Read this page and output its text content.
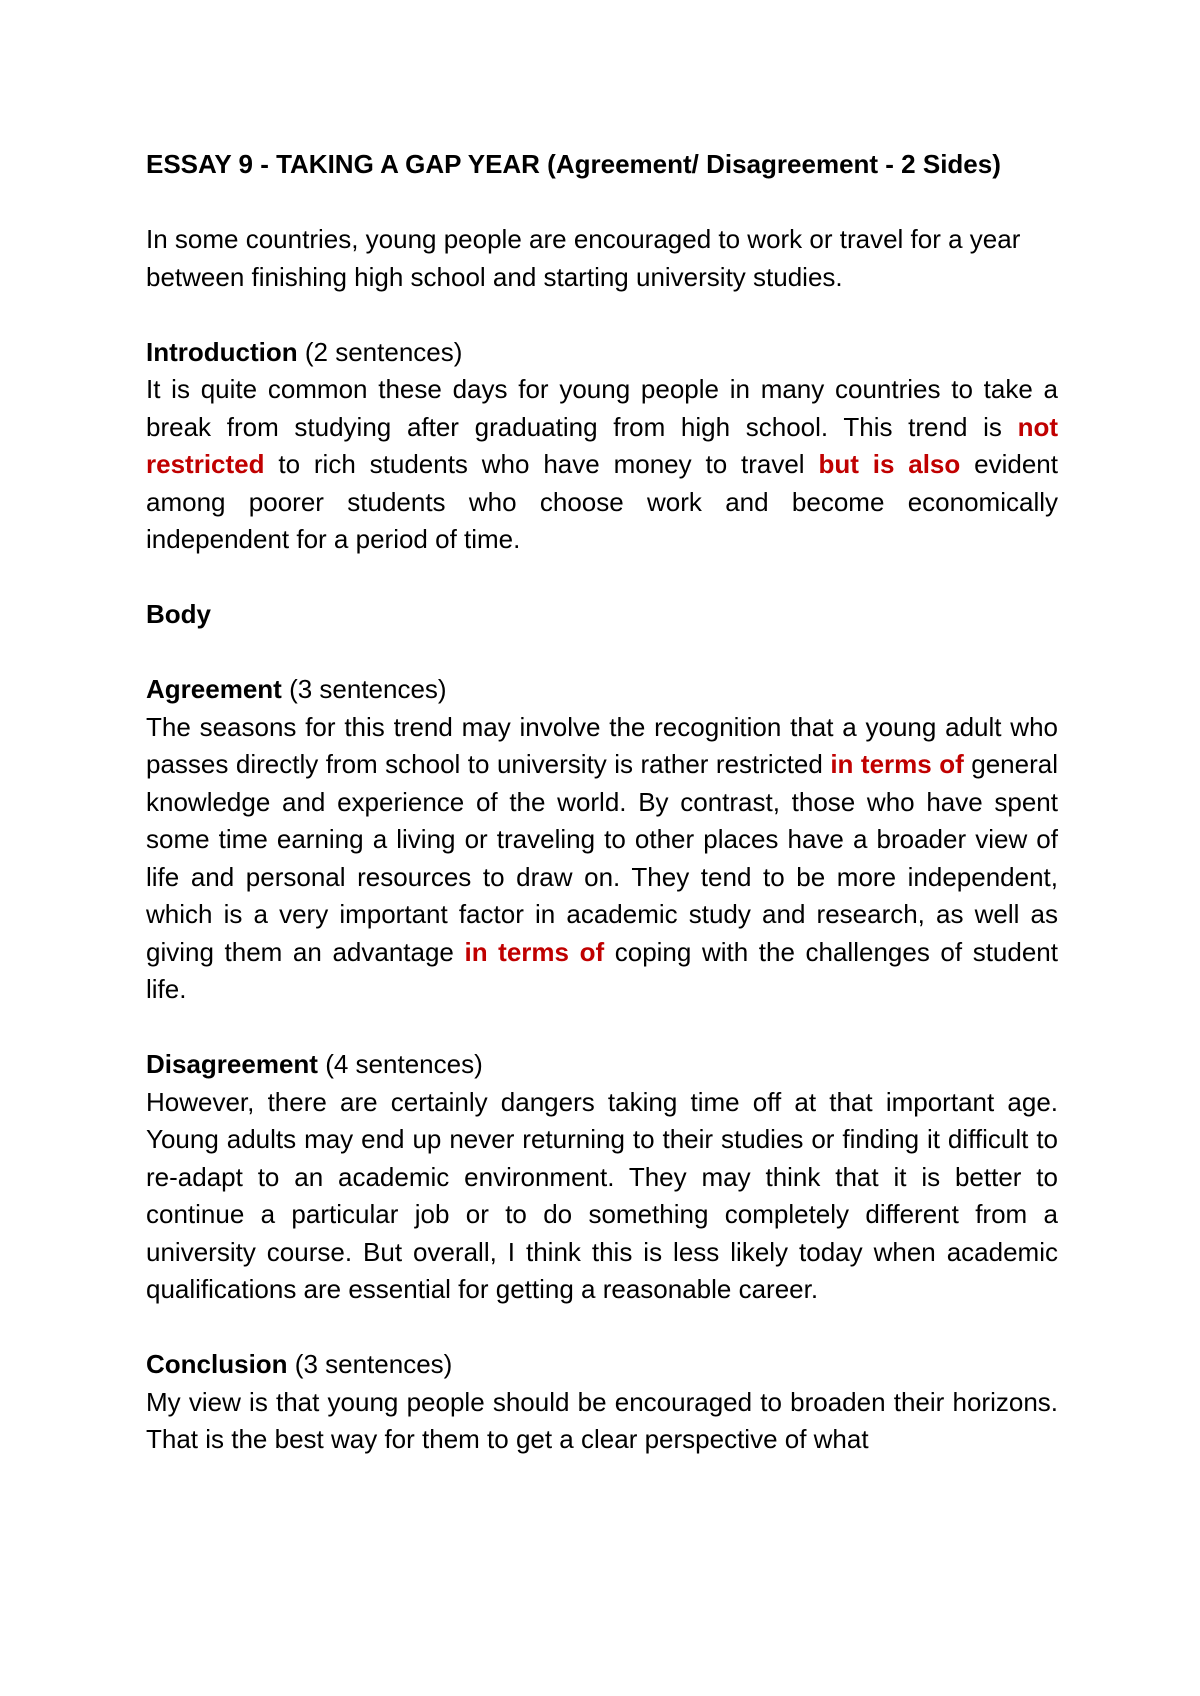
ESSAY 9 - TAKING A GAP YEAR (Agreement/ Disagreement - 2 Sides)

In some countries, young people are encouraged to work or travel for a year between finishing high school and starting university studies.

Introduction (2 sentences)

It is quite common these days for young people in many countries to take a break from studying after graduating from high school. This trend is not restricted to rich students who have money to travel but is also evident among poorer students who choose work and become economically independent for a period of time.

Body

Agreement (3 sentences)

The seasons for this trend may involve the recognition that a young adult who passes directly from school to university is rather restricted in terms of general knowledge and experience of the world. By contrast, those who have spent some time earning a living or traveling to other places have a broader view of life and personal resources to draw on. They tend to be more independent, which is a very important factor in academic study and research, as well as giving them an advantage in terms of coping with the challenges of student life.

Disagreement (4 sentences)

However, there are certainly dangers taking time off at that important age. Young adults may end up never returning to their studies or finding it difficult to re-adapt to an academic environment. They may think that it is better to continue a particular job or to do something completely different from a university course. But overall, I think this is less likely today when academic qualifications are essential for getting a reasonable career.

Conclusion (3 sentences)

My view is that young people should be encouraged to broaden their horizons. That is the best way for them to get a clear perspective of what
